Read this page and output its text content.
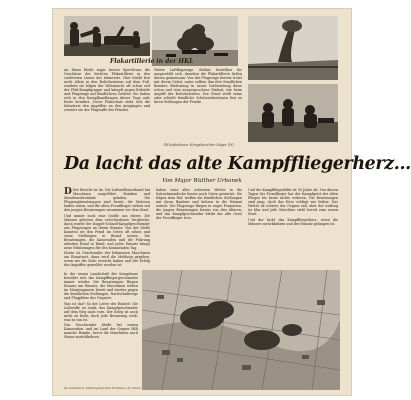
Flakartillerie in der HKL

An Ihnen bleibt sogar braves Sperrfeuer, die Geschütze der leichten Flakartillerie in den vordersten Linien der Infanterie. Hier bleibt fest nicht allein in den Bolschewisten auf dem Fuß, sondern sie folgen der Wehrmacht oft schon seit der Flak-Kampfgruppe und kämpft gegen Erdziele und Flugzeuge auf feindlichem Gebiete. Sie haben sich in den Kampfhandlungen dieser Tage aufs beste bewährt. Unter Flakschutz zieht sich die Infanterie den Ängriffen an den Ausgängen und zerstört sie der Flugwaffe des Feindes.

Weiter Luftflugzeuge. Ballast bestellten ihr ausgewählt sich, daneben die Flakartillerie ließen diesen gemeinsam. Von der Flugzeuge bereits trotzt mit ihrem Geleit, unter sollten ihm ihre feindlichen Bomber. Bedeutung in neuer Vorbereitung diese schon und eine ausgesprochene Einheit, wie beim Angriff der Bolschewisten. Der Feind stellt seine oder schießt feindliche Schützenbastionen fest zu ihren Stellungen der Feinde.

PK-Aufnahmen: Kriegsberichter Mayer (W)
Da lacht das alte Kampffliegerherz...
Von Major Walther Urbanek

D Der Bericht ist da. Die Luftwaffenverband hat Maschinen ausgeführt, Bomben und Munitionsbestände geladen. Die Flugzeugbesatzungen sind bereit, die Motoren laufen warm, und die alten Frontflieger stehen mit den jungen Besatzungen zusammen vor dem Start.

Und immer noch eine Quelle aus dieser. Die Männer gehören dem verschiedenen Vergleiche, darin wurde der Doppel-Schnell-Kampfgeschwader aus Flugzeugen an ihrem Einsatz. Von der Stelle konnten sie den Feind im Osten oft sehen und seine Stellungen in Brand setzen. Die Besatzungen, die Kameraden und die Führung arbeiten Hand in Hand, und jeder Einsatz bringt neue Erfahrungen für den kommenden Tag.

Heute ist Geschwader der bekannten Maschinen am Einsatzort, dann wird die Meldung gegeben, wenn wir die Ziele erreicht haben und der Erfolg des Angriffes gemeldet worden ist.

haben trotz aller schweren Wetter in die Seitenliniendecke hinein nach Osten gestartet. Sie folgen dem Ruf, treffen die feindlichen Stellungen mit ihren Bomben und kehren in die Heimat zurück. Die Flugzeuge fliegen in enger Formation, die jungen Besatzungen lernen von den Älteren, und das Kampfgeschwader bleibt der alte Geist der Frontflieger treu.

Und die Kampffliegerhilfe ist 30 Jahre alt. Von diesen Tagen der Frontflieger hat der Kampfgeist der alten Flieger bis heute nichts verloren. Die Besatzungen sind jung, doch das Herz schlägt wie früher. Das Wetter ist schwer, der Gegner zäh, aber der Auftrag ist klar und jede Maschine steht bereit zum neuen Start.

Und der lacht das Kampffliegerherz, wenn die Männer zurückkehren und der Einsatz gelungen ist.

In der neuen Landschaft der Kampfzone bewährt sich das Kampffliegergeschwader immer wieder. Die Besatzungen fliegen Einsatz um Einsatz, die Maschinen stehen im Morgengrauen bereit und starten gegen die feindlichen Stellungen, Nachschubwege und Flugplätze des Gegners.

Was ist das? So der Leiter der Einheit: Die Luftwaffe ist stark, das Kampfgeschwader auf dem Weg nach vorn. Der Krieg ist noch nicht zu Ende, doch jede Besatzung weiß, was zu tun ist.

Das Geschwader bleibt bei seinen Kameraden, und im Land der Gegner fällt manche Bombe, bevor die Maschinen nach Hause zurückkehren.

Die Aufnahmen: PK-Kriegsberichter Wollweber (S), Scherl
